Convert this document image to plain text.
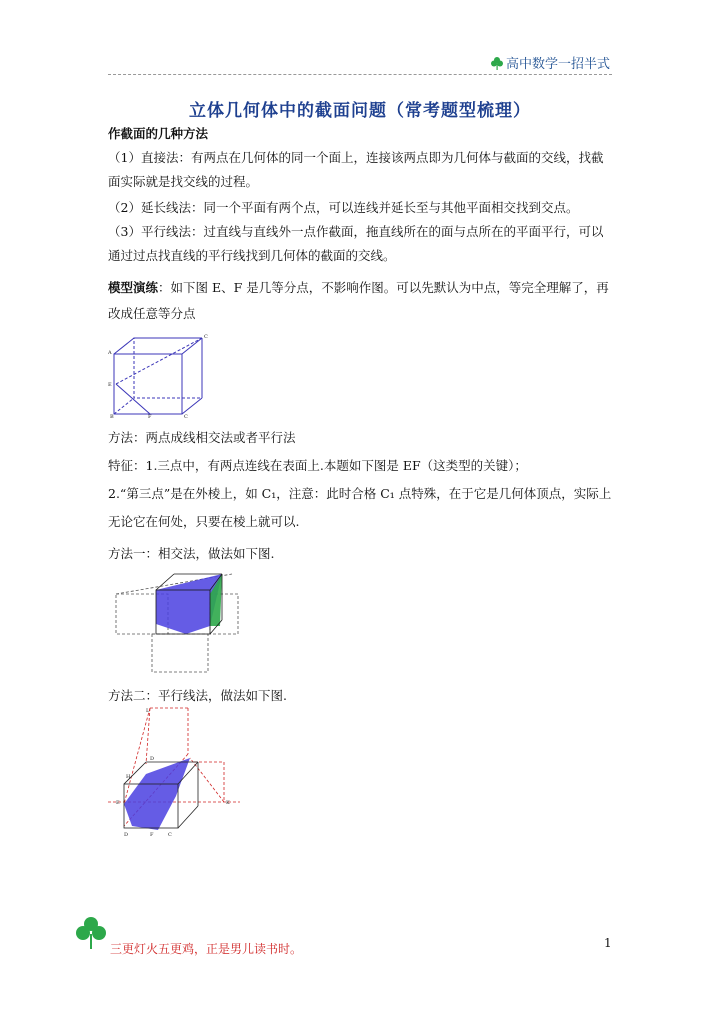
高中数学一招半式
立体几何体中的截面问题（常考题型梳理）
作截面的几种方法
（1）直接法：有两点在几何体的同一个面上，连接该两点即为几何体与截面的交线，找截
面实际就是找交线的过程。
（2）延长线法：同一个平面有两个点，可以连线并延长至与其他平面相交找到交点。
（3）平行线法：过直线与直线外一点作截面，拖直线所在的面与点所在的平面平行，可以
通过过点找直线的平行线找到几何体的截面的交线。
模型演练：如下图 E、F 是几等分点，不影响作图。可以先默认为中点，等完全理解了，再
改成任意等分点
A
C
E
F
B	C
方法：两点成线相交法或者平行法
特征：1.三点中，有两点连线在表面上.本题如下图是 EF（这类型的关键）；
2.“第三点”是在外棱上，如 C₁，注意：此时合格 C₁ 点特殊，在于它是几何体顶点，实际上
无论它在何处，只要在棱上就可以.
方法一：相交法，做法如下图.
方法二：平行线法，做法如下图.
L
K
H
E
D
D	F	C
三更灯火五更鸡，正是男儿读书时。	1
